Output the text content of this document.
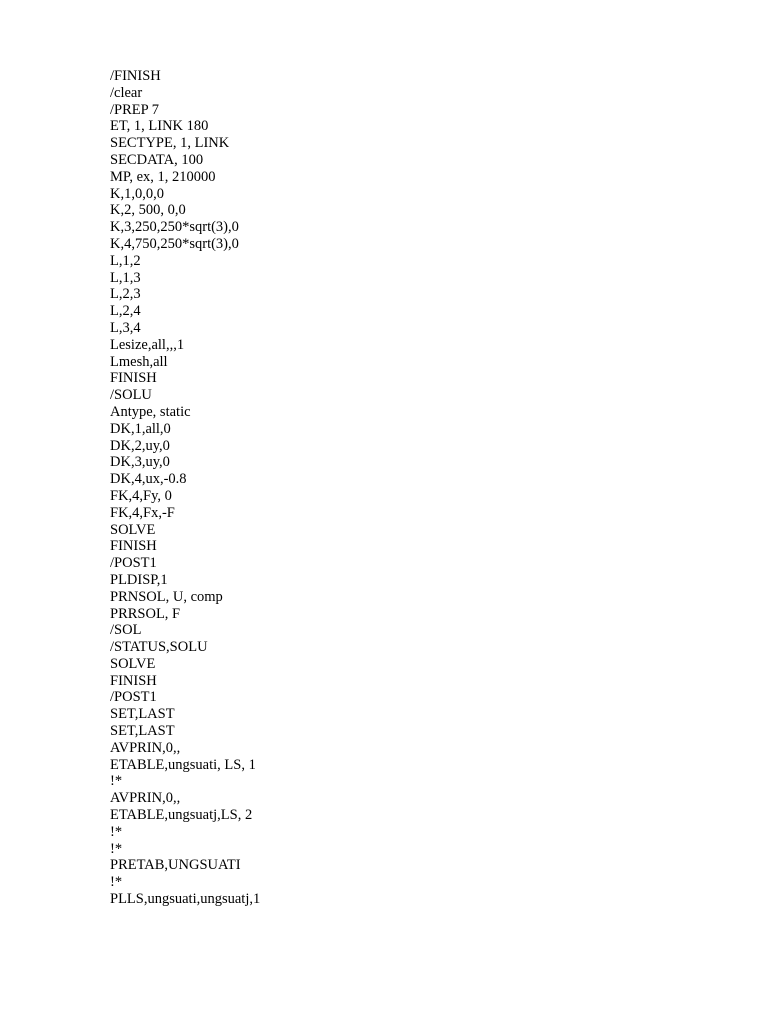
/FINISH
/clear
/PREP 7
ET, 1, LINK 180
SECTYPE, 1, LINK
SECDATA, 100
MP, ex, 1, 210000
K,1,0,0,0
K,2, 500, 0,0
K,3,250,250*sqrt(3),0
K,4,750,250*sqrt(3),0
L,1,2
L,1,3
L,2,3
L,2,4
L,3,4
Lesize,all,,,1
Lmesh,all
FINISH
/SOLU
Antype, static
DK,1,all,0
DK,2,uy,0
DK,3,uy,0
DK,4,ux,-0.8
FK,4,Fy, 0
FK,4,Fx,-F
SOLVE
FINISH
/POST1
PLDISP,1
PRNSOL, U, comp
PRRSOL, F
/SOL
/STATUS,SOLU
SOLVE
FINISH
/POST1
SET,LAST
SET,LAST
AVPRIN,0,,
ETABLE,ungsuati, LS, 1
!*
AVPRIN,0,,
ETABLE,ungsuatj,LS, 2
!*
!*
PRETAB,UNGSUATI
!*
PLLS,ungsuati,ungsuatj,1
